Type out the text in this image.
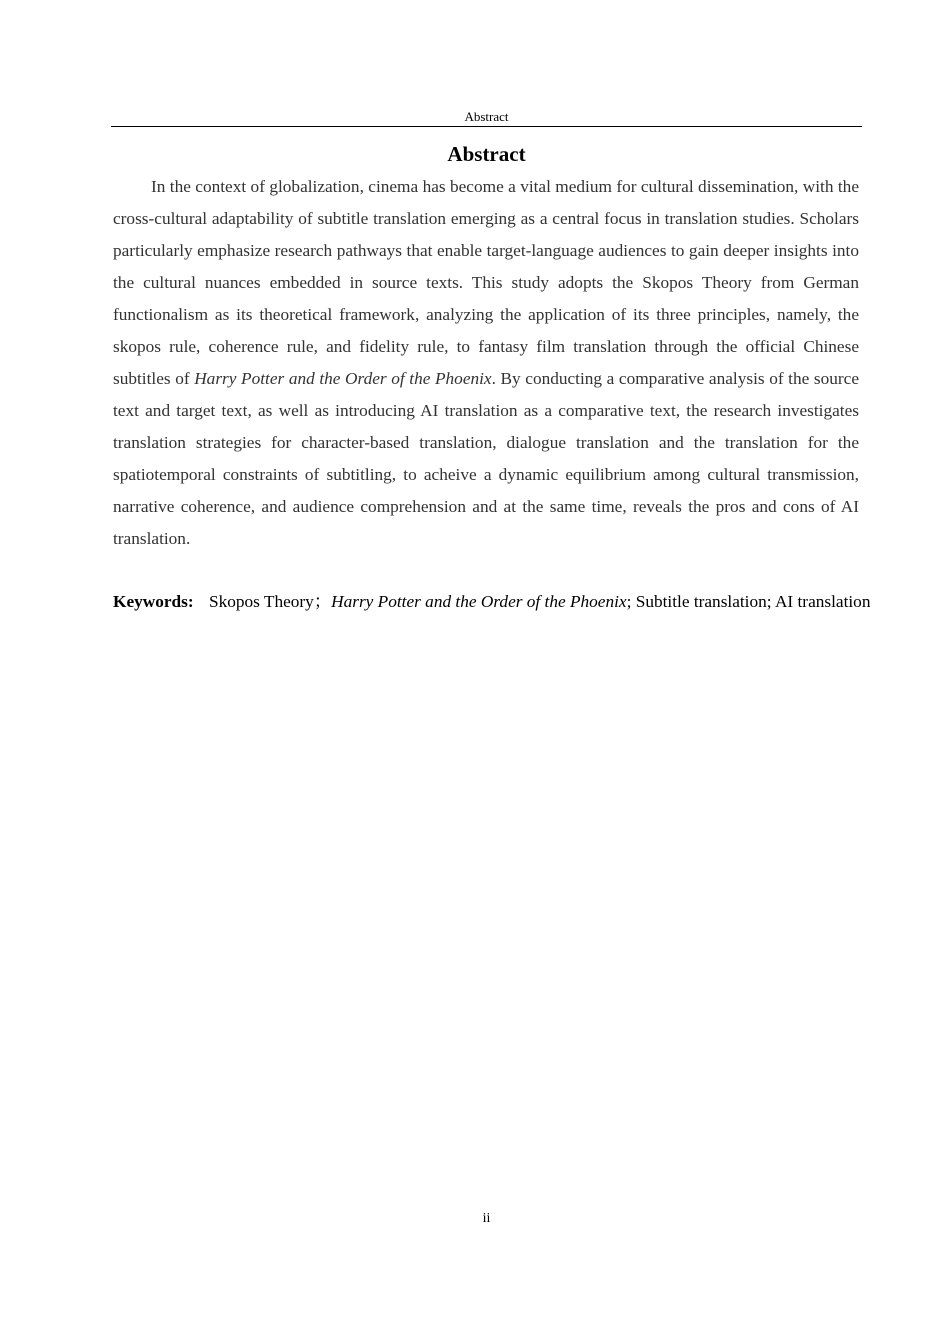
Abstract
Abstract

In the context of globalization, cinema has become a vital medium for cultural dissemination, with the cross-cultural adaptability of subtitle translation emerging as a central focus in translation studies. Scholars particularly emphasize research pathways that enable target-language audiences to gain deeper insights into the cultural nuances embedded in source texts. This study adopts the Skopos Theory from German functionalism as its theoretical framework, analyzing the application of its three principles, namely, the skopos rule, coherence rule, and fidelity rule, to fantasy film translation through the official Chinese subtitles of Harry Potter and the Order of the Phoenix. By conducting a comparative analysis of the source text and target text, as well as introducing AI translation as a comparative text, the research investigates translation strategies for character-based translation, dialogue translation and the translation for the spatiotemporal constraints of subtitling, to acheive a dynamic equilibrium among cultural transmission, narrative coherence, and audience comprehension and at the same time, reveals the pros and cons of AI translation.

Keywords: Skopos Theory；Harry Potter and the Order of the Phoenix; Subtitle translation; AI translation
ii
